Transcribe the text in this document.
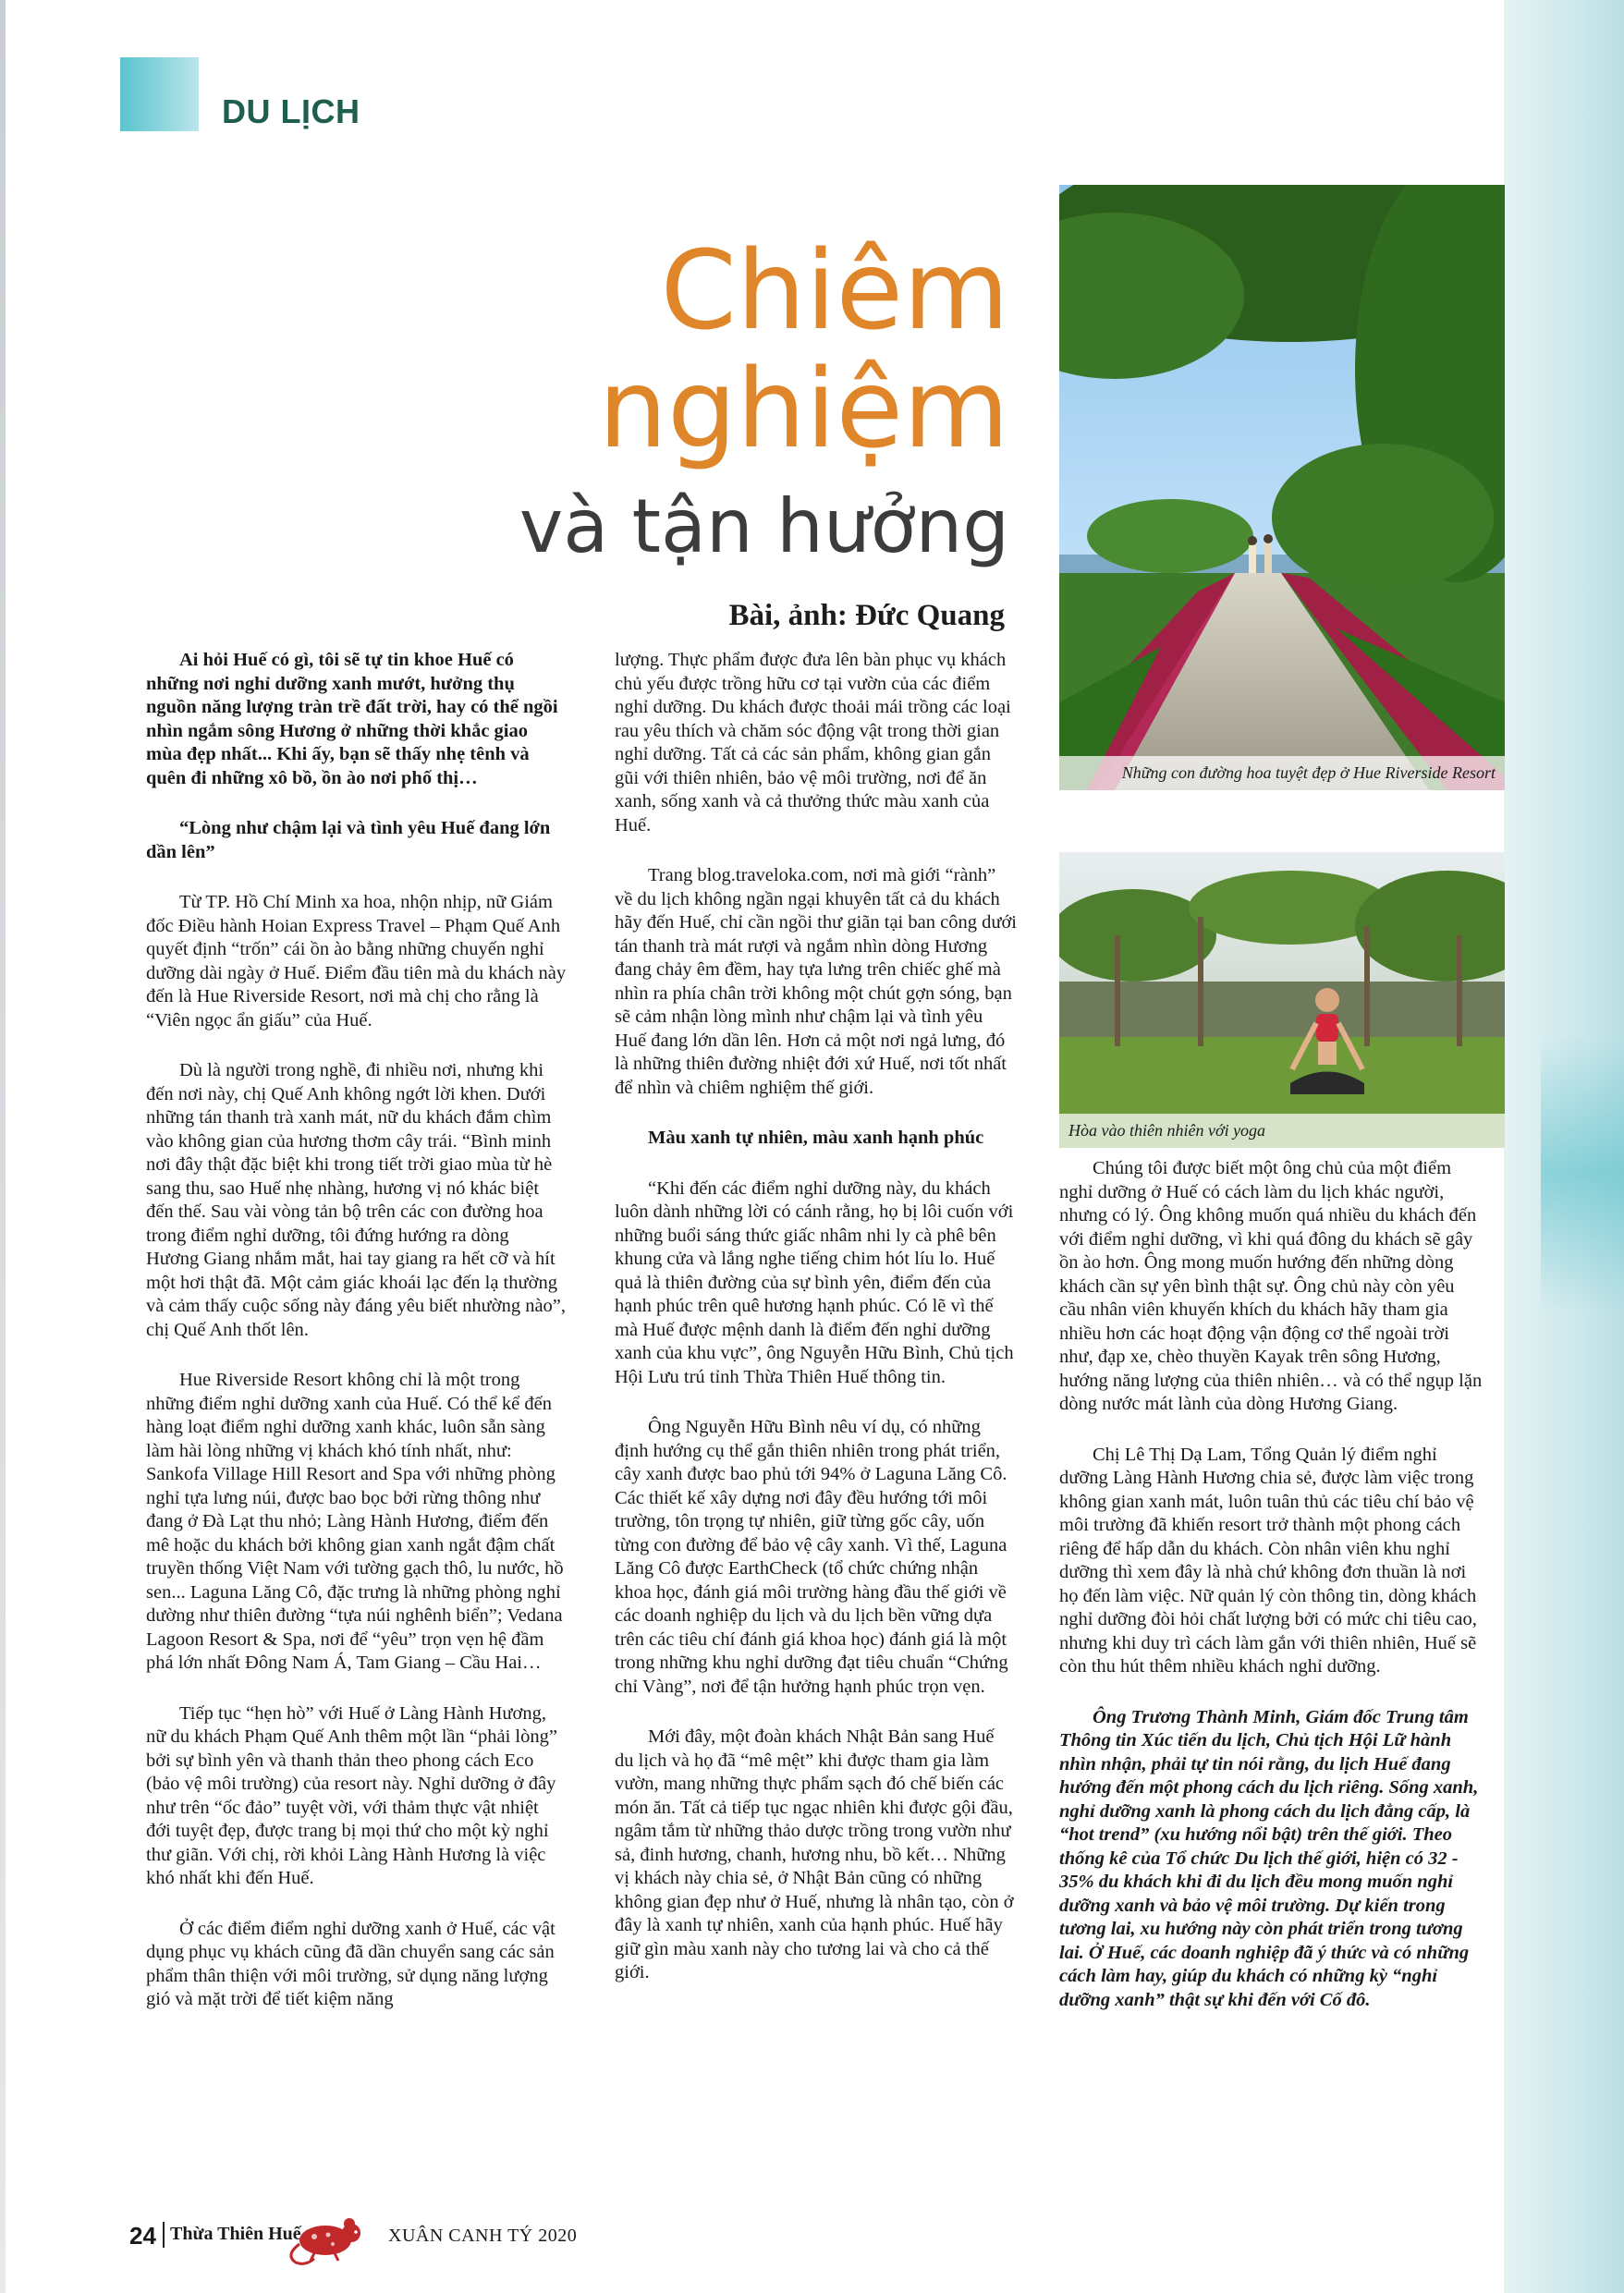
DU LỊCH
Chiêm
nghiệm
và tận hưởng
Bài, ảnh: Đức Quang

Ai hỏi Huế có gì, tôi sẽ tự tin khoe Huế có những nơi nghỉ dưỡng xanh mướt, hưởng thụ nguồn năng lượng tràn trề đất trời, hay có thể ngồi nhìn ngắm sông Hương ở những thời khắc giao mùa đẹp nhất... Khi ấy, bạn sẽ thấy nhẹ tênh và quên đi những xô bồ, ồn ào nơi phố thị…

“Lòng như chậm lại và tình yêu Huế đang lớn dần lên”

Từ TP. Hồ Chí Minh xa hoa, nhộn nhịp, nữ Giám đốc Điều hành Hoian Express Travel – Phạm Quế Anh quyết định “trốn” cái ồn ào bằng những chuyến nghỉ dưỡng dài ngày ở Huế. Điểm đầu tiên mà du khách này đến là Hue Riverside Resort, nơi mà chị cho rằng là “Viên ngọc ẩn giấu” của Huế.

Dù là người trong nghề, đi nhiều nơi, nhưng khi đến nơi này, chị Quế Anh không ngớt lời khen. Dưới những tán thanh trà xanh mát, nữ du khách đắm chìm vào không gian của hương thơm cây trái. “Bình minh nơi đây thật đặc biệt khi trong tiết trời giao mùa từ hè sang thu, sao Huế nhẹ nhàng, hương vị nó khác biệt đến thế. Sau vài vòng tản bộ trên các con đường hoa trong điểm nghỉ dưỡng, tôi đứng hướng ra dòng Hương Giang nhắm mắt, hai tay giang ra hết cỡ và hít một hơi thật đã. Một cảm giác khoái lạc đến lạ thường và cảm thấy cuộc sống này đáng yêu biết nhường nào”, chị Quế Anh thốt lên.

Hue Riverside Resort không chỉ là một trong những điểm nghỉ dưỡng xanh của Huế. Có thể kể đến hàng loạt điểm nghỉ dưỡng xanh khác, luôn sẵn sàng làm hài lòng những vị khách khó tính nhất, như: Sankofa Village Hill Resort and Spa với những phòng nghỉ tựa lưng núi, được bao bọc bởi rừng thông như đang ở Đà Lạt thu nhỏ; Làng Hành Hương, điểm đến mê hoặc du khách bởi không gian xanh ngắt đậm chất truyền thống Việt Nam với tường gạch thô, lu nước, hồ sen... Laguna Lăng Cô, đặc trưng là những phòng nghỉ dường như thiên đường “tựa núi nghênh biển”; Vedana Lagoon Resort & Spa, nơi để “yêu” trọn vẹn hệ đầm phá lớn nhất Đông Nam Á, Tam Giang – Cầu Hai…

Tiếp tục “hẹn hò” với Huế ở Làng Hành Hương, nữ du khách Phạm Quế Anh thêm một lần “phải lòng” bởi sự bình yên và thanh thản theo phong cách Eco (bảo vệ môi trường) của resort này. Nghỉ dưỡng ở đây như trên “ốc đảo” tuyệt vời, với thảm thực vật nhiệt đới tuyệt đẹp, được trang bị mọi thứ cho một kỳ nghỉ thư giãn. Với chị, rời khỏi Làng Hành Hương là việc khó nhất khi đến Huế.

Ở các điểm điểm nghỉ dưỡng xanh ở Huế, các vật dụng phục vụ khách cũng đã dần chuyển sang các sản phẩm thân thiện với môi trường, sử dụng năng lượng gió và mặt trời để tiết kiệm năng

lượng. Thực phẩm được đưa lên bàn phục vụ khách chủ yếu được trồng hữu cơ tại vườn của các điểm nghỉ dưỡng. Du khách được thoải mái trồng các loại rau yêu thích và chăm sóc động vật trong thời gian nghỉ dưỡng. Tất cả các sản phẩm, không gian gắn gũi với thiên nhiên, bảo vệ môi trường, nơi để ăn xanh, sống xanh và cả thưởng thức màu xanh của Huế.

Trang blog.traveloka.com, nơi mà giới “rành” về du lịch không ngần ngại khuyên tất cả du khách hãy đến Huế, chỉ cần ngồi thư giãn tại ban công dưới tán thanh trà mát rượi và ngắm nhìn dòng Hương đang chảy êm đềm, hay tựa lưng trên chiếc ghế mà nhìn ra phía chân trời không một chút gợn sóng, bạn sẽ cảm nhận lòng mình như chậm lại và tình yêu Huế đang lớn dần lên. Hơn cả một nơi ngả lưng, đó là những thiên đường nhiệt đới xứ Huế, nơi tốt nhất để nhìn và chiêm nghiệm thế giới.

Màu xanh tự nhiên, màu xanh hạnh phúc

“Khi đến các điểm nghỉ dưỡng này, du khách luôn dành những lời có cánh rằng, họ bị lôi cuốn với những buổi sáng thức giấc nhâm nhi ly cà phê bên khung cửa và lắng nghe tiếng chim hót líu lo. Huế quả là thiên đường của sự bình yên, điểm đến của hạnh phúc trên quê hương hạnh phúc. Có lẽ vì thế mà Huế được mệnh danh là điểm đến nghỉ dưỡng xanh của khu vực”, ông Nguyễn Hữu Bình, Chủ tịch Hội Lưu trú tỉnh Thừa Thiên Huế thông tin.

Ông Nguyễn Hữu Bình nêu ví dụ, có những định hướng cụ thể gắn thiên nhiên trong phát triển, cây xanh được bao phủ tới 94% ở Laguna Lăng Cô. Các thiết kế xây dựng nơi đây đều hướng tới môi trường, tôn trọng tự nhiên, giữ từng gốc cây, uốn từng con đường để bảo vệ cây xanh. Vì thế, Laguna Lăng Cô được EarthCheck (tổ chức chứng nhận khoa học, đánh giá môi trường hàng đầu thế giới về các doanh nghiệp du lịch và du lịch bền vững dựa trên các tiêu chí đánh giá khoa học) đánh giá là một trong những khu nghỉ dưỡng đạt tiêu chuẩn “Chứng chỉ Vàng”, nơi để tận hưởng hạnh phúc trọn vẹn.

Mới đây, một đoàn khách Nhật Bản sang Huế du lịch và họ đã “mê mệt” khi được tham gia làm vườn, mang những thực phẩm sạch đó chế biến các món ăn. Tất cả tiếp tục ngạc nhiên khi được gội đầu, ngâm tắm từ những thảo dược trồng trong vườn như sả, đinh hương, chanh, hương nhu, bồ kết… Những vị khách này chia sẻ, ở Nhật Bản cũng có những không gian đẹp như ở Huế, nhưng là nhân tạo, còn ở đây là xanh tự nhiên, xanh của hạnh phúc. Huế hãy giữ gìn màu xanh này cho tương lai và cho cả thế giới.

Những con đường hoa tuyệt đẹp ở Hue Riverside Resort
Hòa vào thiên nhiên với yoga

Chúng tôi được biết một ông chủ của một điểm nghỉ dưỡng ở Huế có cách làm du lịch khác người, nhưng có lý. Ông không muốn quá nhiều du khách đến với điểm nghỉ dưỡng, vì khi quá đông du khách sẽ gây ồn ào hơn. Ông mong muốn hướng đến những dòng khách cần sự yên bình thật sự. Ông chủ này còn yêu cầu nhân viên khuyến khích du khách hãy tham gia nhiều hơn các hoạt động vận động cơ thể ngoài trời như, đạp xe, chèo thuyền Kayak trên sông Hương, hướng năng lượng của thiên nhiên… và có thể ngụp lặn dòng nước mát lành của dòng Hương Giang.

Chị Lê Thị Dạ Lam, Tổng Quản lý điểm nghỉ dưỡng Làng Hành Hương chia sẻ, được làm việc trong không gian xanh mát, luôn tuân thủ các tiêu chí bảo vệ môi trường đã khiến resort trở thành một phong cách riêng để hấp dẫn du khách. Còn nhân viên khu nghỉ dưỡng thì xem đây là nhà chứ không đơn thuần là nơi họ đến làm việc. Nữ quản lý còn thông tin, dòng khách nghỉ dưỡng đòi hỏi chất lượng bởi có mức chi tiêu cao, nhưng khi duy trì cách làm gắn với thiên nhiên, Huế sẽ còn thu hút thêm nhiều khách nghỉ dưỡng.

Ông Trương Thành Minh, Giám đốc Trung tâm Thông tin Xúc tiến du lịch, Chủ tịch Hội Lữ hành nhìn nhận, phải tự tin nói rằng, du lịch Huế đang hướng đến một phong cách du lịch riêng. Sống xanh, nghỉ dưỡng xanh là phong cách du lịch đẳng cấp, là “hot trend” (xu hướng nổi bật) trên thế giới. Theo thống kê của Tổ chức Du lịch thế giới, hiện có 32 - 35% du khách khi đi du lịch đều mong muốn nghỉ dưỡng xanh và bảo vệ môi trường. Dự kiến trong tương lai, xu hướng này còn phát triển trong tương lai. Ở Huế, các doanh nghiệp đã ý thức và có những cách làm hay, giúp du khách có những kỳ “nghỉ dưỡng xanh” thật sự khi đến với Cố đô.

24 Thừa Thiên Huế	XUÂN CANH TÝ 2020
